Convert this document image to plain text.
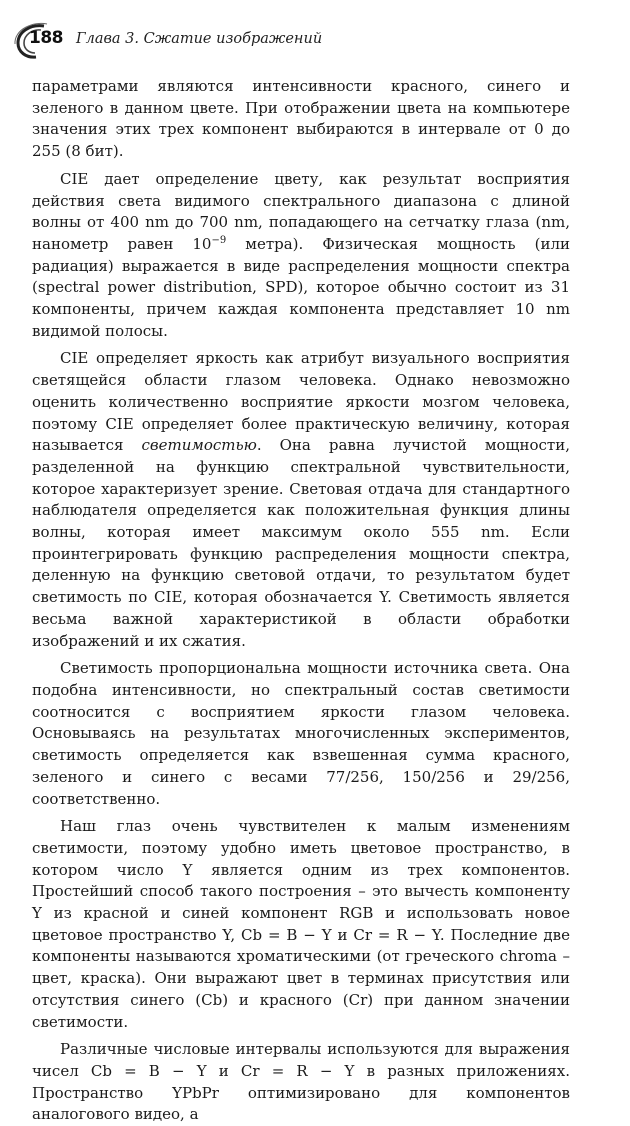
188 Глава 3. Сжатие изображений

параметрами являются интенсивности красного, синего и зеленого в данном цвете. При отображении цвета на компьютере значения этих трех компонент выбираются в интервале от 0 до 255 (8 бит).

CIE дает определение цвету, как результат восприятия действия света видимого спектрального диапазона с длиной волны от 400 nm до 700 nm, попадающего на сетчатку глаза (nm, нанометр равен $10^{-9}$ метра). Физическая мощность (или радиация) выражается в виде распределения мощности спектра (spectral power distribution, SPD), которое обычно состоит из 31 компоненты, причем каждая компонента представляет 10 nm видимой полосы.

CIE определяет яркость как атрибут визуального восприятия светящейся области глазом человека. Однако невозможно оценить количественно восприятие яркости мозгом человека, поэтому CIE определяет более практическую величину, которая называется светимостью. Она равна лучистой мощности, разделенной на функцию спектральной чувствительности, которое характеризует зрение. Световая отдача для стандартного наблюдателя определяется как положительная функция длины волны, которая имеет максимум около 555 nm. Если проинтегрировать функцию распределения мощности спектра, деленную на функцию световой отдачи, то результатом будет светимость по CIE, которая обозначается Y. Светимость является весьма важной характеристикой в области обработки изображений и их сжатия.

Светимость пропорциональна мощности источника света. Она подобна интенсивности, но спектральный состав светимости соотносится с восприятием яркости глазом человека. Основываясь на результатах многочисленных экспериментов, светимость определяется как взвешенная сумма красного, зеленого и синего с весами 77/256, 150/256 и 29/256, соответственно.

Наш глаз очень чувствителен к малым изменениям светимости, поэтому удобно иметь цветовое пространство, в котором число Y является одним из трех компонентов. Простейший способ такого построения – это вычесть компоненту Y из красной и синей компонент RGB и использовать новое цветовое пространство Y, Cb = B − Y и Cr = R − Y. Последние две компоненты называются хроматическими (от греческого chroma – цвет, краска). Они выражают цвет в терминах присутствия или отсутствия синего (Cb) и красного (Cr) при данном значении светимости.

Различные числовые интервалы используются для выражения чисел Cb = B − Y и Cr = R − Y в разных приложениях. Пространство YPbPr оптимизировано для компонентов аналогового видео, а
